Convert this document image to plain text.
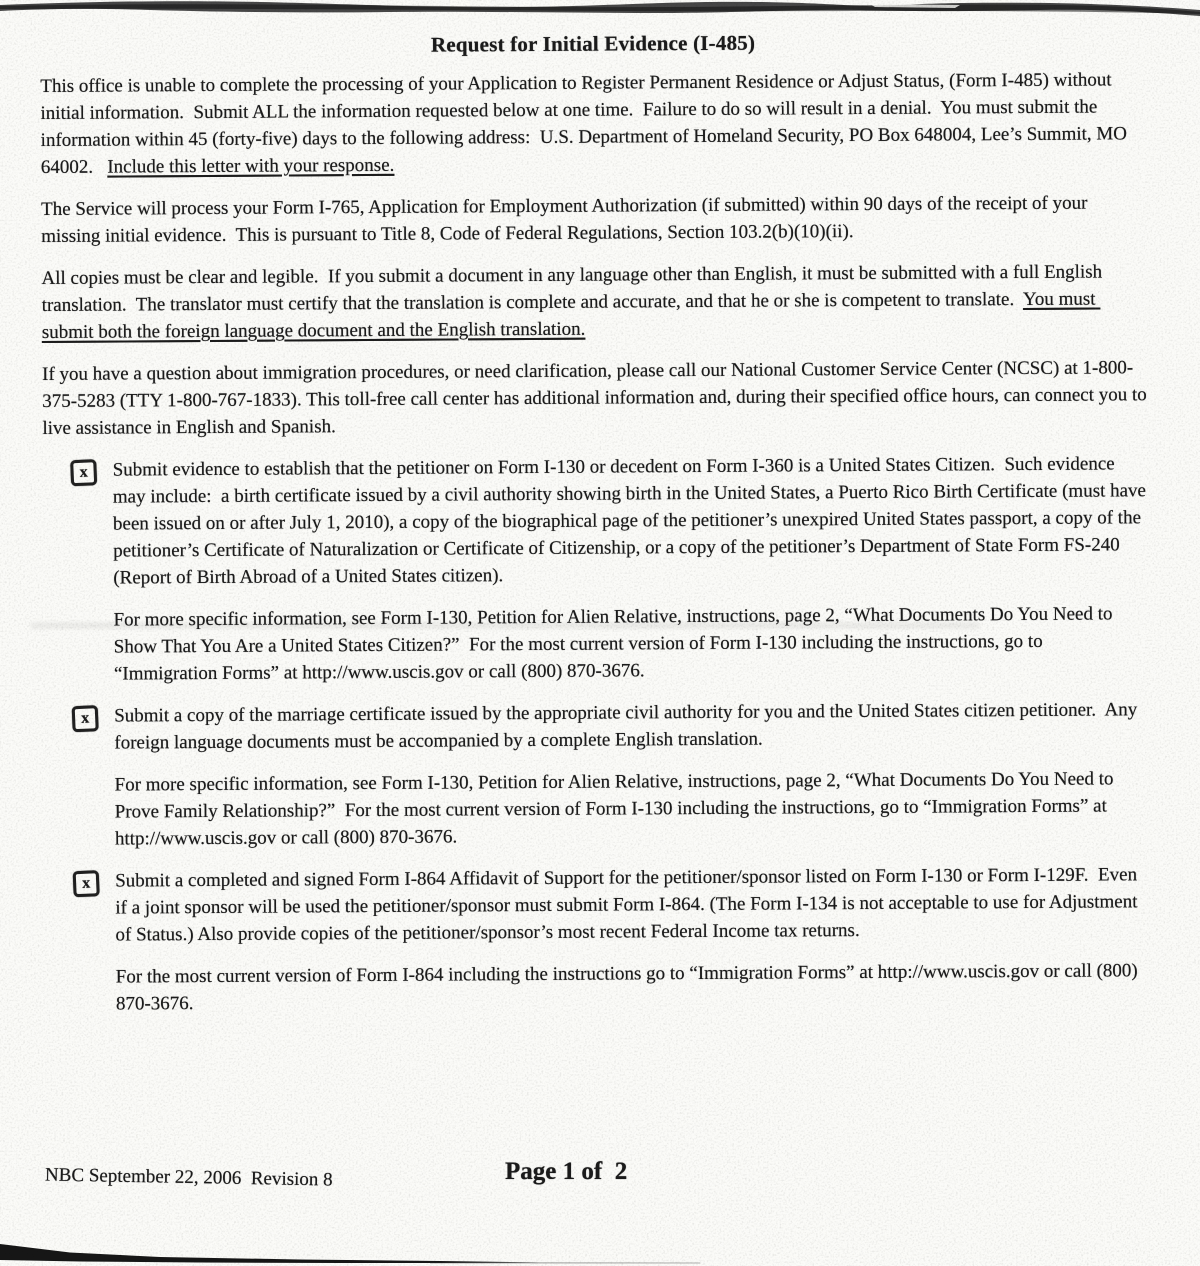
Request for Initial Evidence (I-485)

This office is unable to complete the processing of your Application to Register Permanent Residence or Adjust Status, (Form I-485) without initial information.  Submit ALL the information requested below at one time.  Failure to do so will result in a denial.  You must submit the information within 45 (forty-five) days to the following address:  U.S. Department of Homeland Security, PO Box 648004, Lee’s Summit, MO 64002.   Include this letter with your response.

The Service will process your Form I-765, Application for Employment Authorization (if submitted) within 90 days of the receipt of your missing initial evidence.  This is pursuant to Title 8, Code of Federal Regulations, Section 103.2(b)(10)(ii).

All copies must be clear and legible.  If you submit a document in any language other than English, it must be submitted with a full English translation.  The translator must certify that the translation is complete and accurate, and that he or she is competent to translate.  You must submit both the foreign language document and the English translation.

If you have a question about immigration procedures, or need clarification, please call our National Customer Service Center (NCSC) at 1-800-375-5283 (TTY 1-800-767-1833). This toll-free call center has additional information and, during their specified office hours, can connect you to live assistance in English and Spanish.

x Submit evidence to establish that the petitioner on Form I-130 or decedent on Form I-360 is a United States Citizen.  Such evidence may include:  a birth certificate issued by a civil authority showing birth in the United States, a Puerto Rico Birth Certificate (must have been issued on or after July 1, 2010), a copy of the biographical page of the petitioner’s unexpired United States passport, a copy of the petitioner’s Certificate of Naturalization or Certificate of Citizenship, or a copy of the petitioner’s Department of State Form FS-240 (Report of Birth Abroad of a United States citizen).

For more specific information, see Form I-130, Petition for Alien Relative, instructions, page 2, “What Documents Do You Need to Show That You Are a United States Citizen?”  For the most current version of Form I-130 including the instructions, go to “Immigration Forms” at http://www.uscis.gov or call (800) 870-3676.

x Submit a copy of the marriage certificate issued by the appropriate civil authority for you and the United States citizen petitioner.  Any foreign language documents must be accompanied by a complete English translation.

For more specific information, see Form I-130, Petition for Alien Relative, instructions, page 2, “What Documents Do You Need to Prove Family Relationship?”  For the most current version of Form I-130 including the instructions, go to “Immigration Forms” at http://www.uscis.gov or call (800) 870-3676.

x Submit a completed and signed Form I-864 Affidavit of Support for the petitioner/sponsor listed on Form I-130 or Form I-129F.  Even if a joint sponsor will be used the petitioner/sponsor must submit Form I-864. (The Form I-134 is not acceptable to use for Adjustment of Status.) Also provide copies of the petitioner/sponsor’s most recent Federal Income tax returns.

For the most current version of Form I-864 including the instructions go to “Immigration Forms” at http://www.uscis.gov or call (800) 870-3676.

NBC September 22, 2006  Revision 8	Page 1 of  2
